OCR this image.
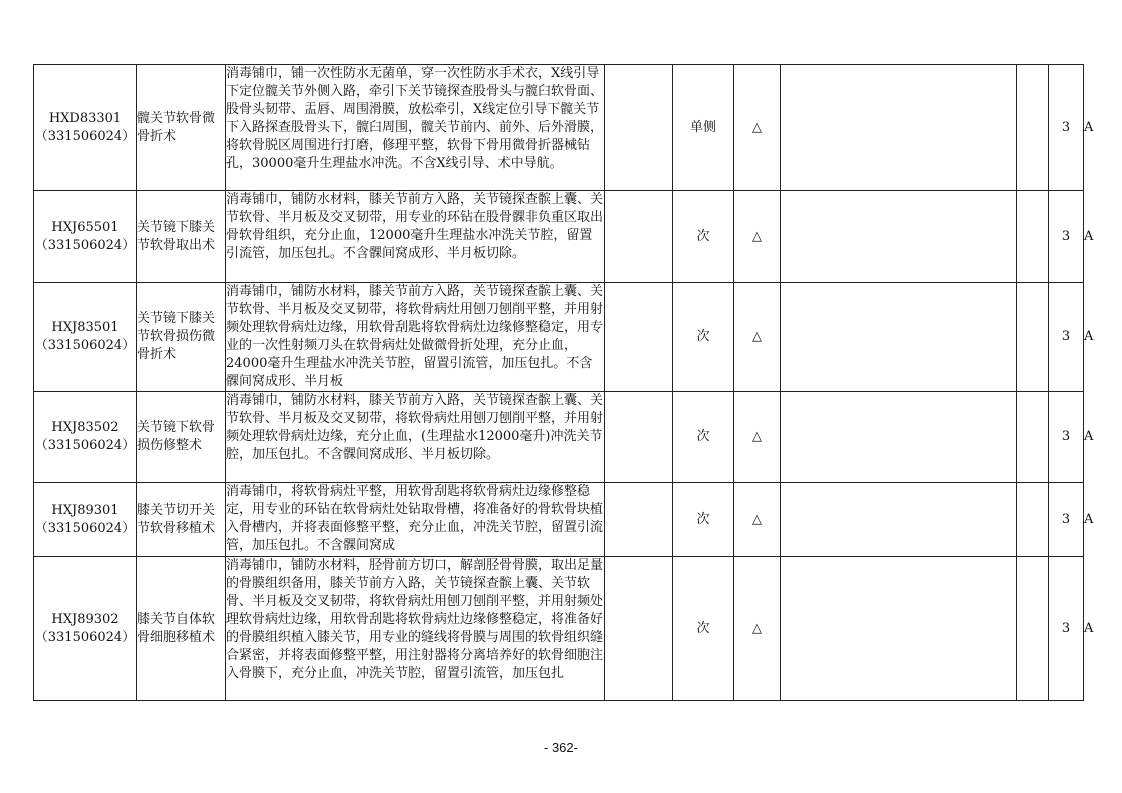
HXD83301
（331506024）	髋关节软骨微骨折术	消毒铺巾，铺一次性防水无菌单，穿一次性防水手术衣，X线引导下定位髋关节外侧入路，牵引下关节镜探查股骨头与髋臼软骨面、股骨头韧带、盂唇、周围滑膜，放松牵引，X线定位引导下髋关节下入路探查股骨头下，髋臼周围，髋关节前内、前外、后外滑膜，将软骨脱区周围进行打磨，修理平整，软骨下骨用微骨折器械钻孔，30000毫升生理盐水冲洗。不含X线引导、术中导航。		单侧	△			3	A

HXJ65501
（331506024）	关节镜下膝关节软骨取出术	消毒铺巾，铺防水材料，膝关节前方入路，关节镜探查髌上囊、关节软骨、半月板及交叉韧带，用专业的环钻在股骨髁非负重区取出骨软骨组织，充分止血，12000毫升生理盐水冲洗关节腔，留置引流管，加压包扎。不含髁间窝成形、半月板切除。		次	△			3	A

HXJ83501
（331506024）	关节镜下膝关节软骨损伤微骨折术	消毒铺巾，铺防水材料，膝关节前方入路，关节镜探查髌上囊、关节软骨、半月板及交叉韧带，将软骨病灶用刨刀刨削平整，并用射频处理软骨病灶边缘，用软骨刮匙将软骨病灶边缘修整稳定，用专业的一次性射频刀头在软骨病灶处做微骨折处理，充分止血，24000毫升生理盐水冲洗关节腔，留置引流管，加压包扎。不含髁间窝成形、半月板		次	△			3	A

HXJ83502
（331506024）	关节镜下软骨损伤修整术	消毒铺巾，铺防水材料，膝关节前方入路，关节镜探查髌上囊、关节软骨、半月板及交叉韧带，将软骨病灶用刨刀刨削平整，并用射频处理软骨病灶边缘，充分止血，(生理盐水12000毫升)冲洗关节腔，加压包扎。不含髁间窝成形、半月板切除。		次	△			3	A

HXJ89301
（331506024）	膝关节切开关节软骨移植术	消毒铺巾，将软骨病灶平整，用软骨刮匙将软骨病灶边缘修整稳定，用专业的环钻在软骨病灶处钻取骨槽，将准备好的骨软骨块植入骨槽内，并将表面修整平整，充分止血，冲洗关节腔，留置引流管，加压包扎。不含髁间窝成		次	△			3	A

HXJ89302
（331506024）	膝关节自体软骨细胞移植术	消毒铺巾，铺防水材料，胫骨前方切口，解剖胫骨骨膜，取出足量的骨膜组织备用，膝关节前方入路，关节镜探查髌上囊、关节软骨、半月板及交叉韧带，将软骨病灶用刨刀刨削平整，并用射频处理软骨病灶边缘，用软骨刮匙将软骨病灶边缘修整稳定，将准备好的骨膜组织植入膝关节，用专业的缝线将骨膜与周围的软骨组织缝合紧密，并将表面修整平整，用注射器将分离培养好的软骨细胞注入骨膜下，充分止血，冲洗关节腔，留置引流管，加压包扎		次	△			3	A
- 362-
